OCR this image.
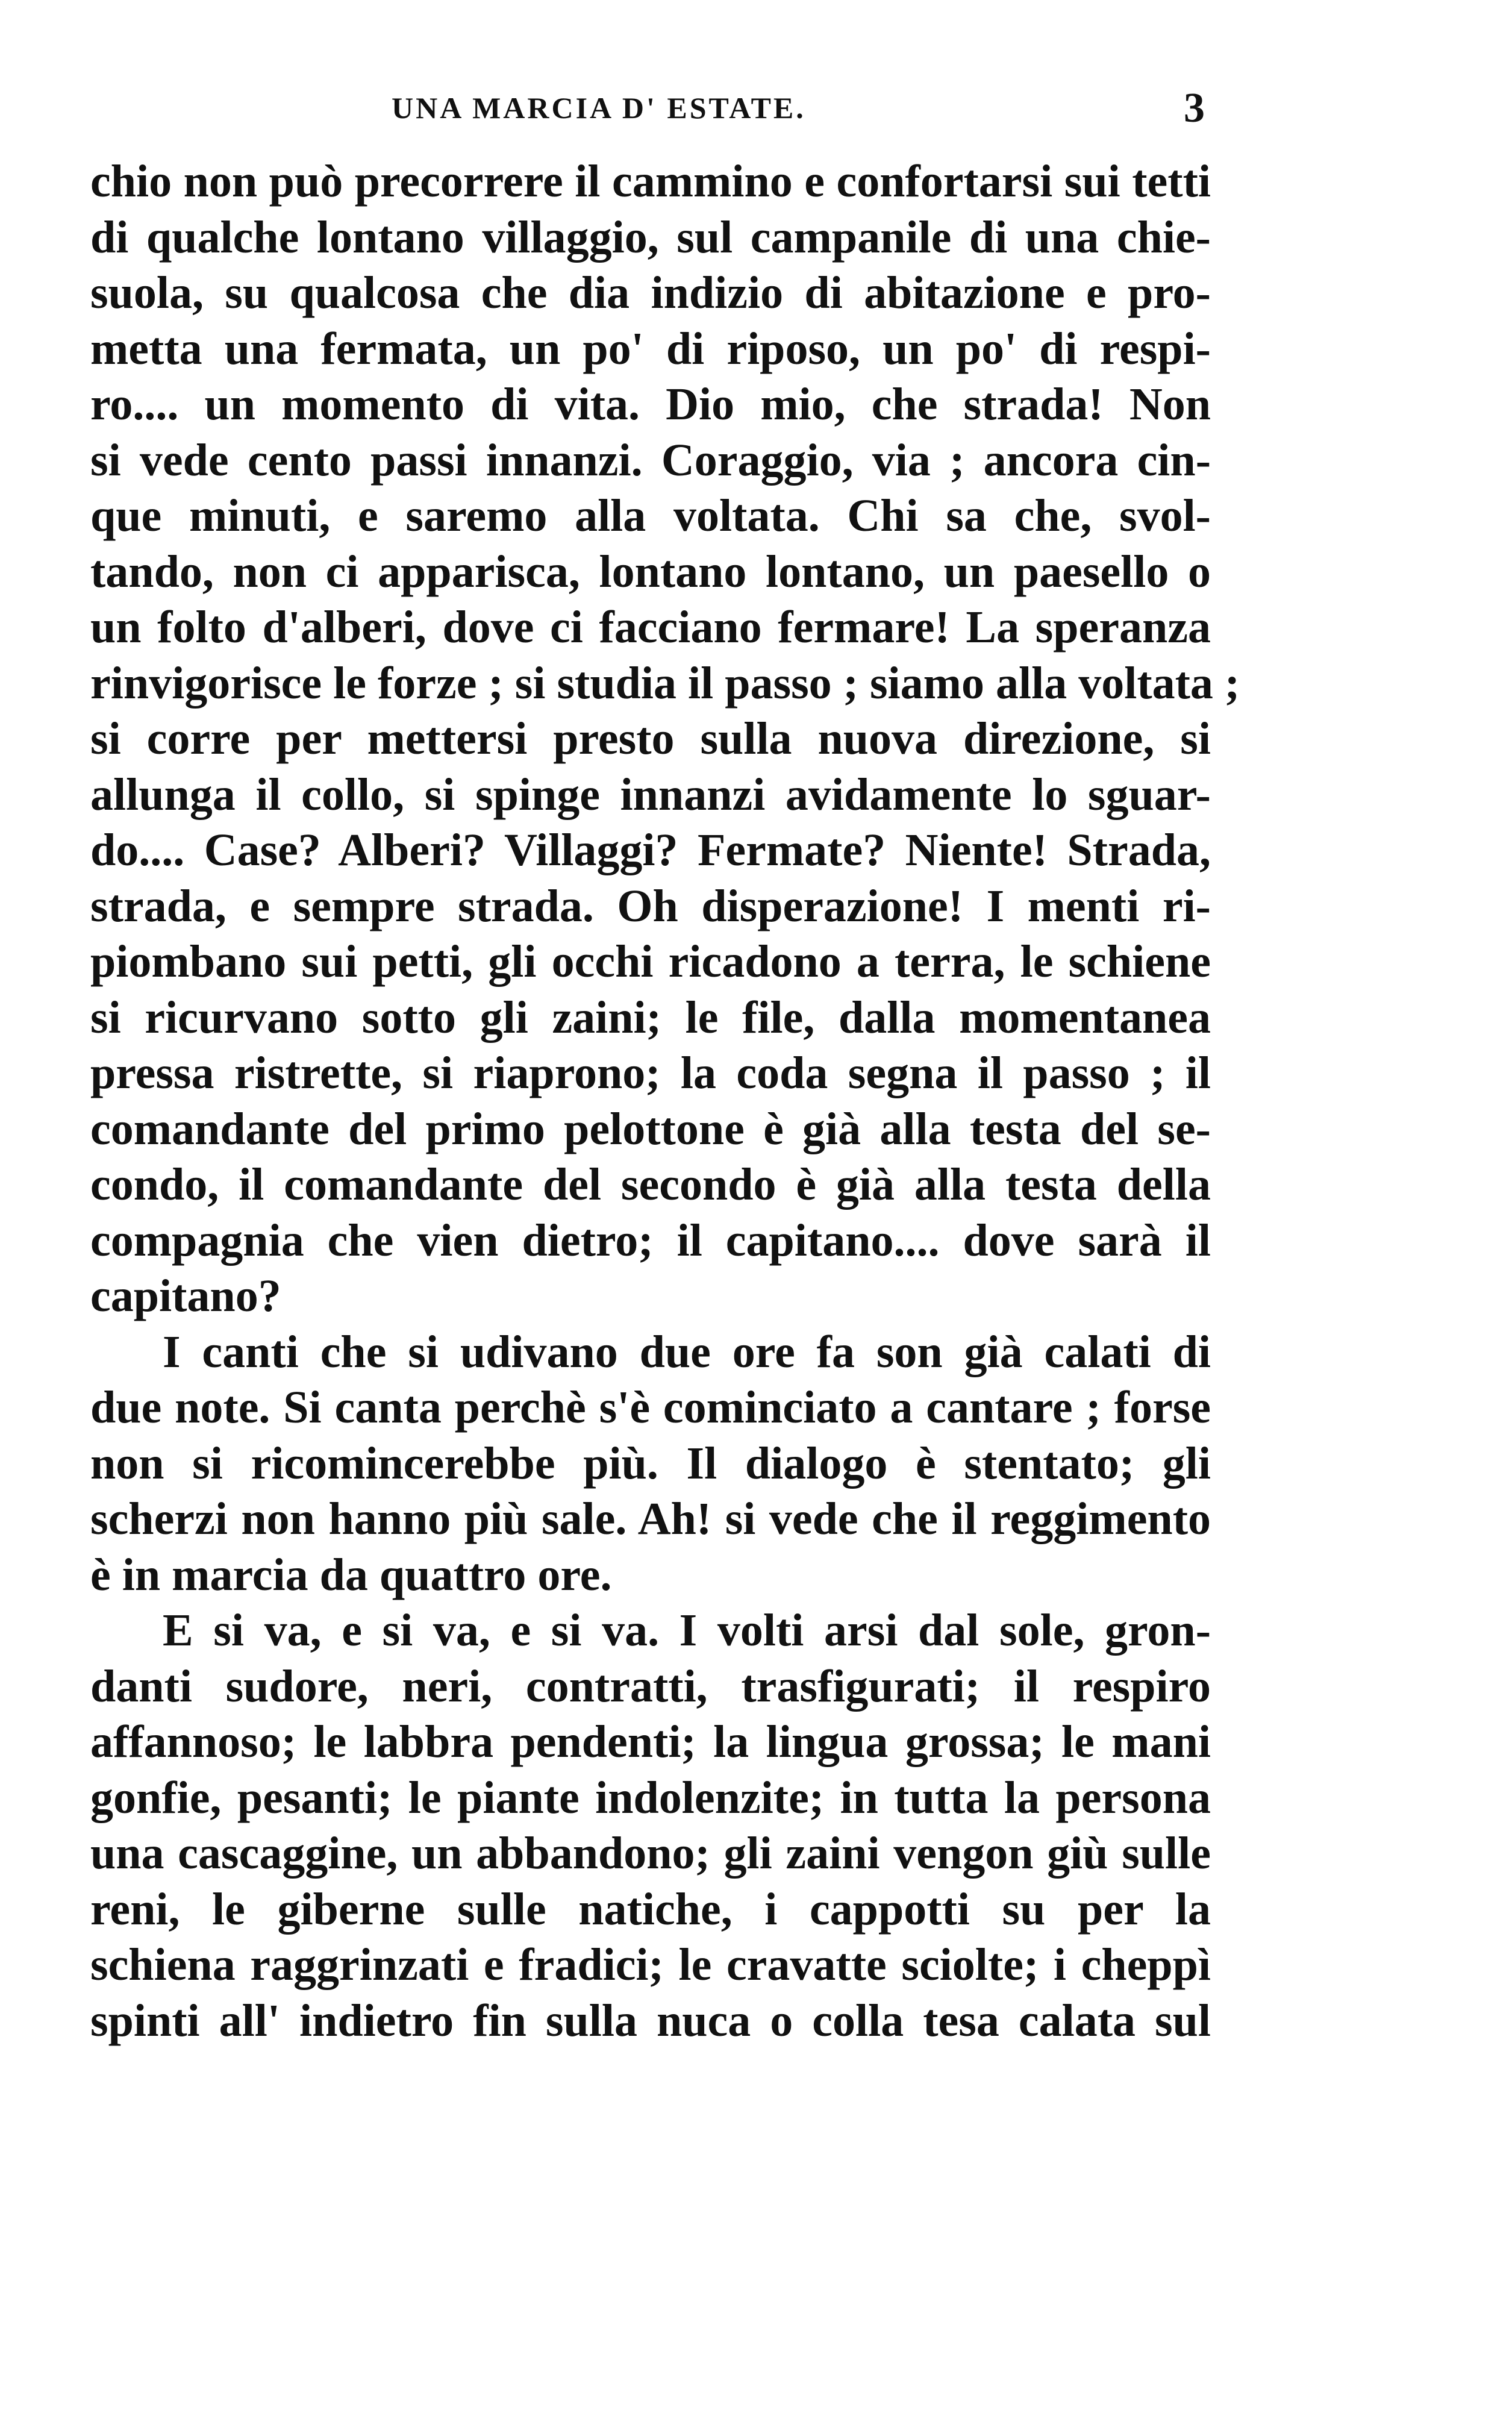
UNA MARCIA D' ESTATE.	3

chio non può precorrere il cammino e confortarsi sui tetti
di qualche lontano villaggio, sul campanile di una chie-
suola, su qualcosa che dia indizio di abitazione e pro-
metta una fermata, un po' di riposo, un po' di respi-
ro.... un momento di vita. Dio mio, che strada! Non
si vede cento passi innanzi. Coraggio, via ; ancora cin-
que minuti, e saremo alla voltata. Chi sa che, svol-
tando, non ci apparisca, lontano lontano, un paesello o
un folto d'alberi, dove ci facciano fermare! La speranza
rinvigorisce le forze ; si studia il passo ; siamo alla voltata ;
si corre per mettersi presto sulla nuova direzione, si
allunga il collo, si spinge innanzi avidamente lo sguar-
do.... Case? Alberi? Villaggi? Fermate? Niente! Strada,
strada, e sempre strada. Oh disperazione! I menti ri-
piombano sui petti, gli occhi ricadono a terra, le schiene
si ricurvano sotto gli zaini; le file, dalla momentanea
pressa ristrette, si riaprono; la coda segna il passo ; il
comandante del primo pelottone è già alla testa del se-
condo, il comandante del secondo è già alla testa della
compagnia che vien dietro; il capitano.... dove sarà il
capitano?

I canti che si udivano due ore fa son già calati di
due note. Si canta perchè s'è cominciato a cantare ; forse
non si ricomincerebbe più. Il dialogo è stentato; gli
scherzi non hanno più sale. Ah! si vede che il reggimento
è in marcia da quattro ore.

E si va, e si va, e si va. I volti arsi dal sole, gron-
danti sudore, neri, contratti, trasfigurati; il respiro
affannoso; le labbra pendenti; la lingua grossa; le mani
gonfie, pesanti; le piante indolenzite; in tutta la persona
una cascaggine, un abbandono; gli zaini vengon giù sulle
reni, le giberne sulle natiche, i cappotti su per la
schiena raggrinzati e fradici; le cravatte sciolte; i cheppì
spinti all' indietro fin sulla nuca o colla tesa calata sul
